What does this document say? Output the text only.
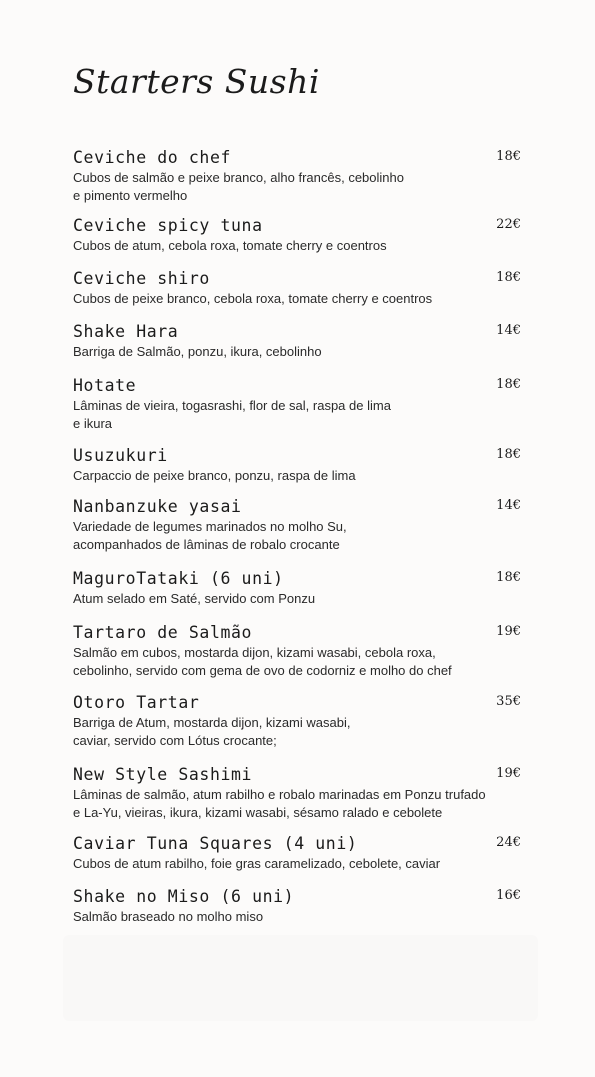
Starters Sushi
Ceviche do chef	18€
Cubos de salmão e peixe branco, alho francês, cebolinho
e pimento vermelho
Ceviche spicy tuna	22€
Cubos de atum, cebola roxa, tomate cherry e coentros
Ceviche shiro	18€
Cubos de peixe branco, cebola roxa, tomate cherry e coentros
Shake Hara	14€
Barriga de Salmão, ponzu, ikura, cebolinho
Hotate	18€
Lâminas de vieira, togasrashi, flor de sal, raspa de lima
e ikura
Usuzukuri	18€
Carpaccio de peixe branco, ponzu, raspa de lima
Nanbanzuke yasai	14€
Variedade de legumes marinados no molho Su,
acompanhados de lâminas de robalo crocante
MaguroTataki (6 uni)	18€
Atum selado em Saté, servido com Ponzu
Tartaro de Salmão	19€
Salmão em cubos, mostarda dijon, kizami wasabi, cebola roxa,
cebolinho, servido com gema de ovo de codorniz e molho do chef
Otoro Tartar	35€
Barriga de Atum, mostarda dijon, kizami wasabi,
caviar, servido com Lótus crocante;
New Style Sashimi	19€
Lâminas de salmão, atum rabilho e robalo marinadas em Ponzu trufado
e La-Yu, vieiras, ikura, kizami wasabi, sésamo ralado e cebolete
Caviar Tuna Squares (4 uni)	24€
Cubos de atum rabilho, foie gras caramelizado, cebolete, caviar
Shake no Miso (6 uni)	16€
Salmão braseado no molho miso
